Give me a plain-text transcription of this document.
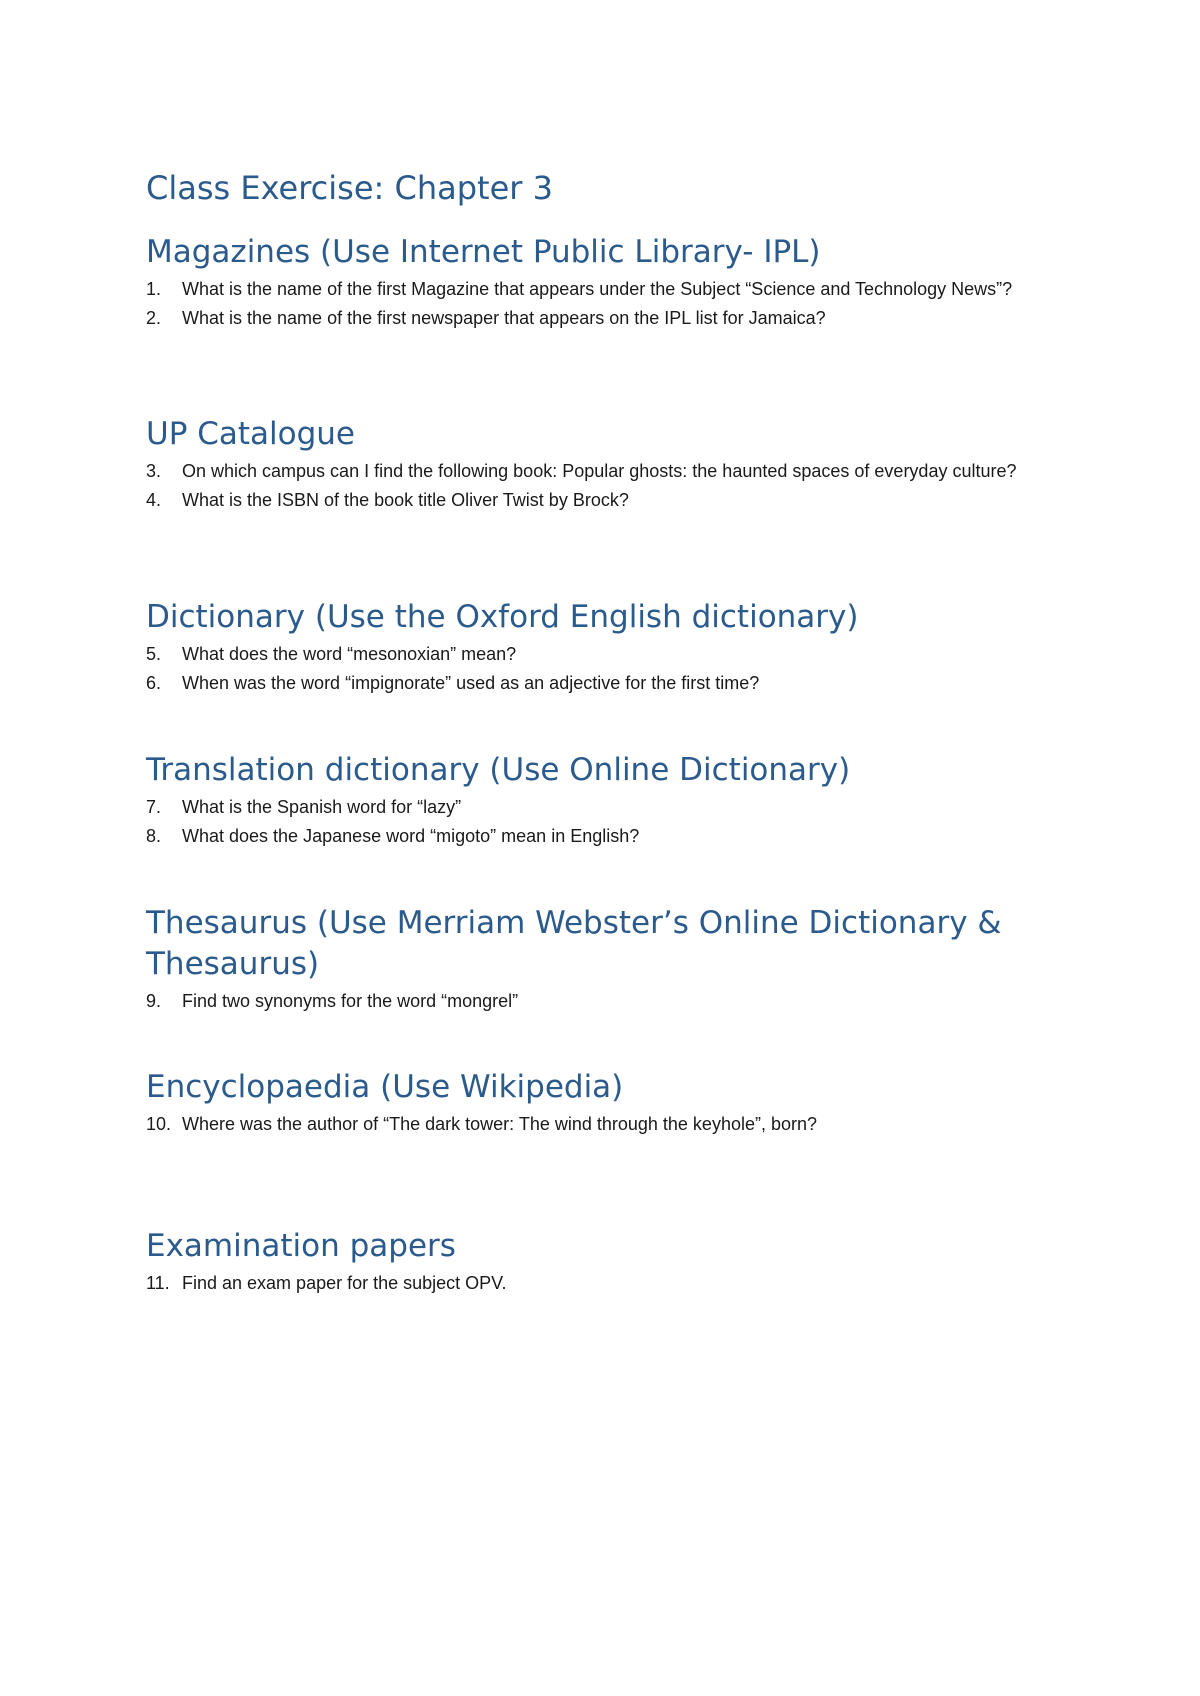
Class Exercise: Chapter 3
Magazines (Use Internet Public Library- IPL)
1. What is the name of the first Magazine that appears under the Subject “Science and Technology News”?
2. What is the name of the first newspaper that appears on the IPL list for Jamaica?
UP Catalogue
3. On which campus can I find the following book: Popular ghosts: the haunted spaces of everyday culture?
4. What is the ISBN of the book title Oliver Twist by Brock?
Dictionary (Use the Oxford English dictionary)
5. What does the word “mesonoxian” mean?
6. When was the word “impignorate” used as an adjective for the first time?
Translation dictionary (Use Online Dictionary)
7. What is the Spanish word for “lazy”
8. What does the Japanese word “migoto” mean in English?
Thesaurus (Use Merriam Webster’s Online Dictionary & Thesaurus)
9. Find two synonyms for the word “mongrel”
Encyclopaedia (Use Wikipedia)
10. Where was the author of “The dark tower: The wind through the keyhole”, born?
Examination papers
11. Find an exam paper for the subject OPV.
